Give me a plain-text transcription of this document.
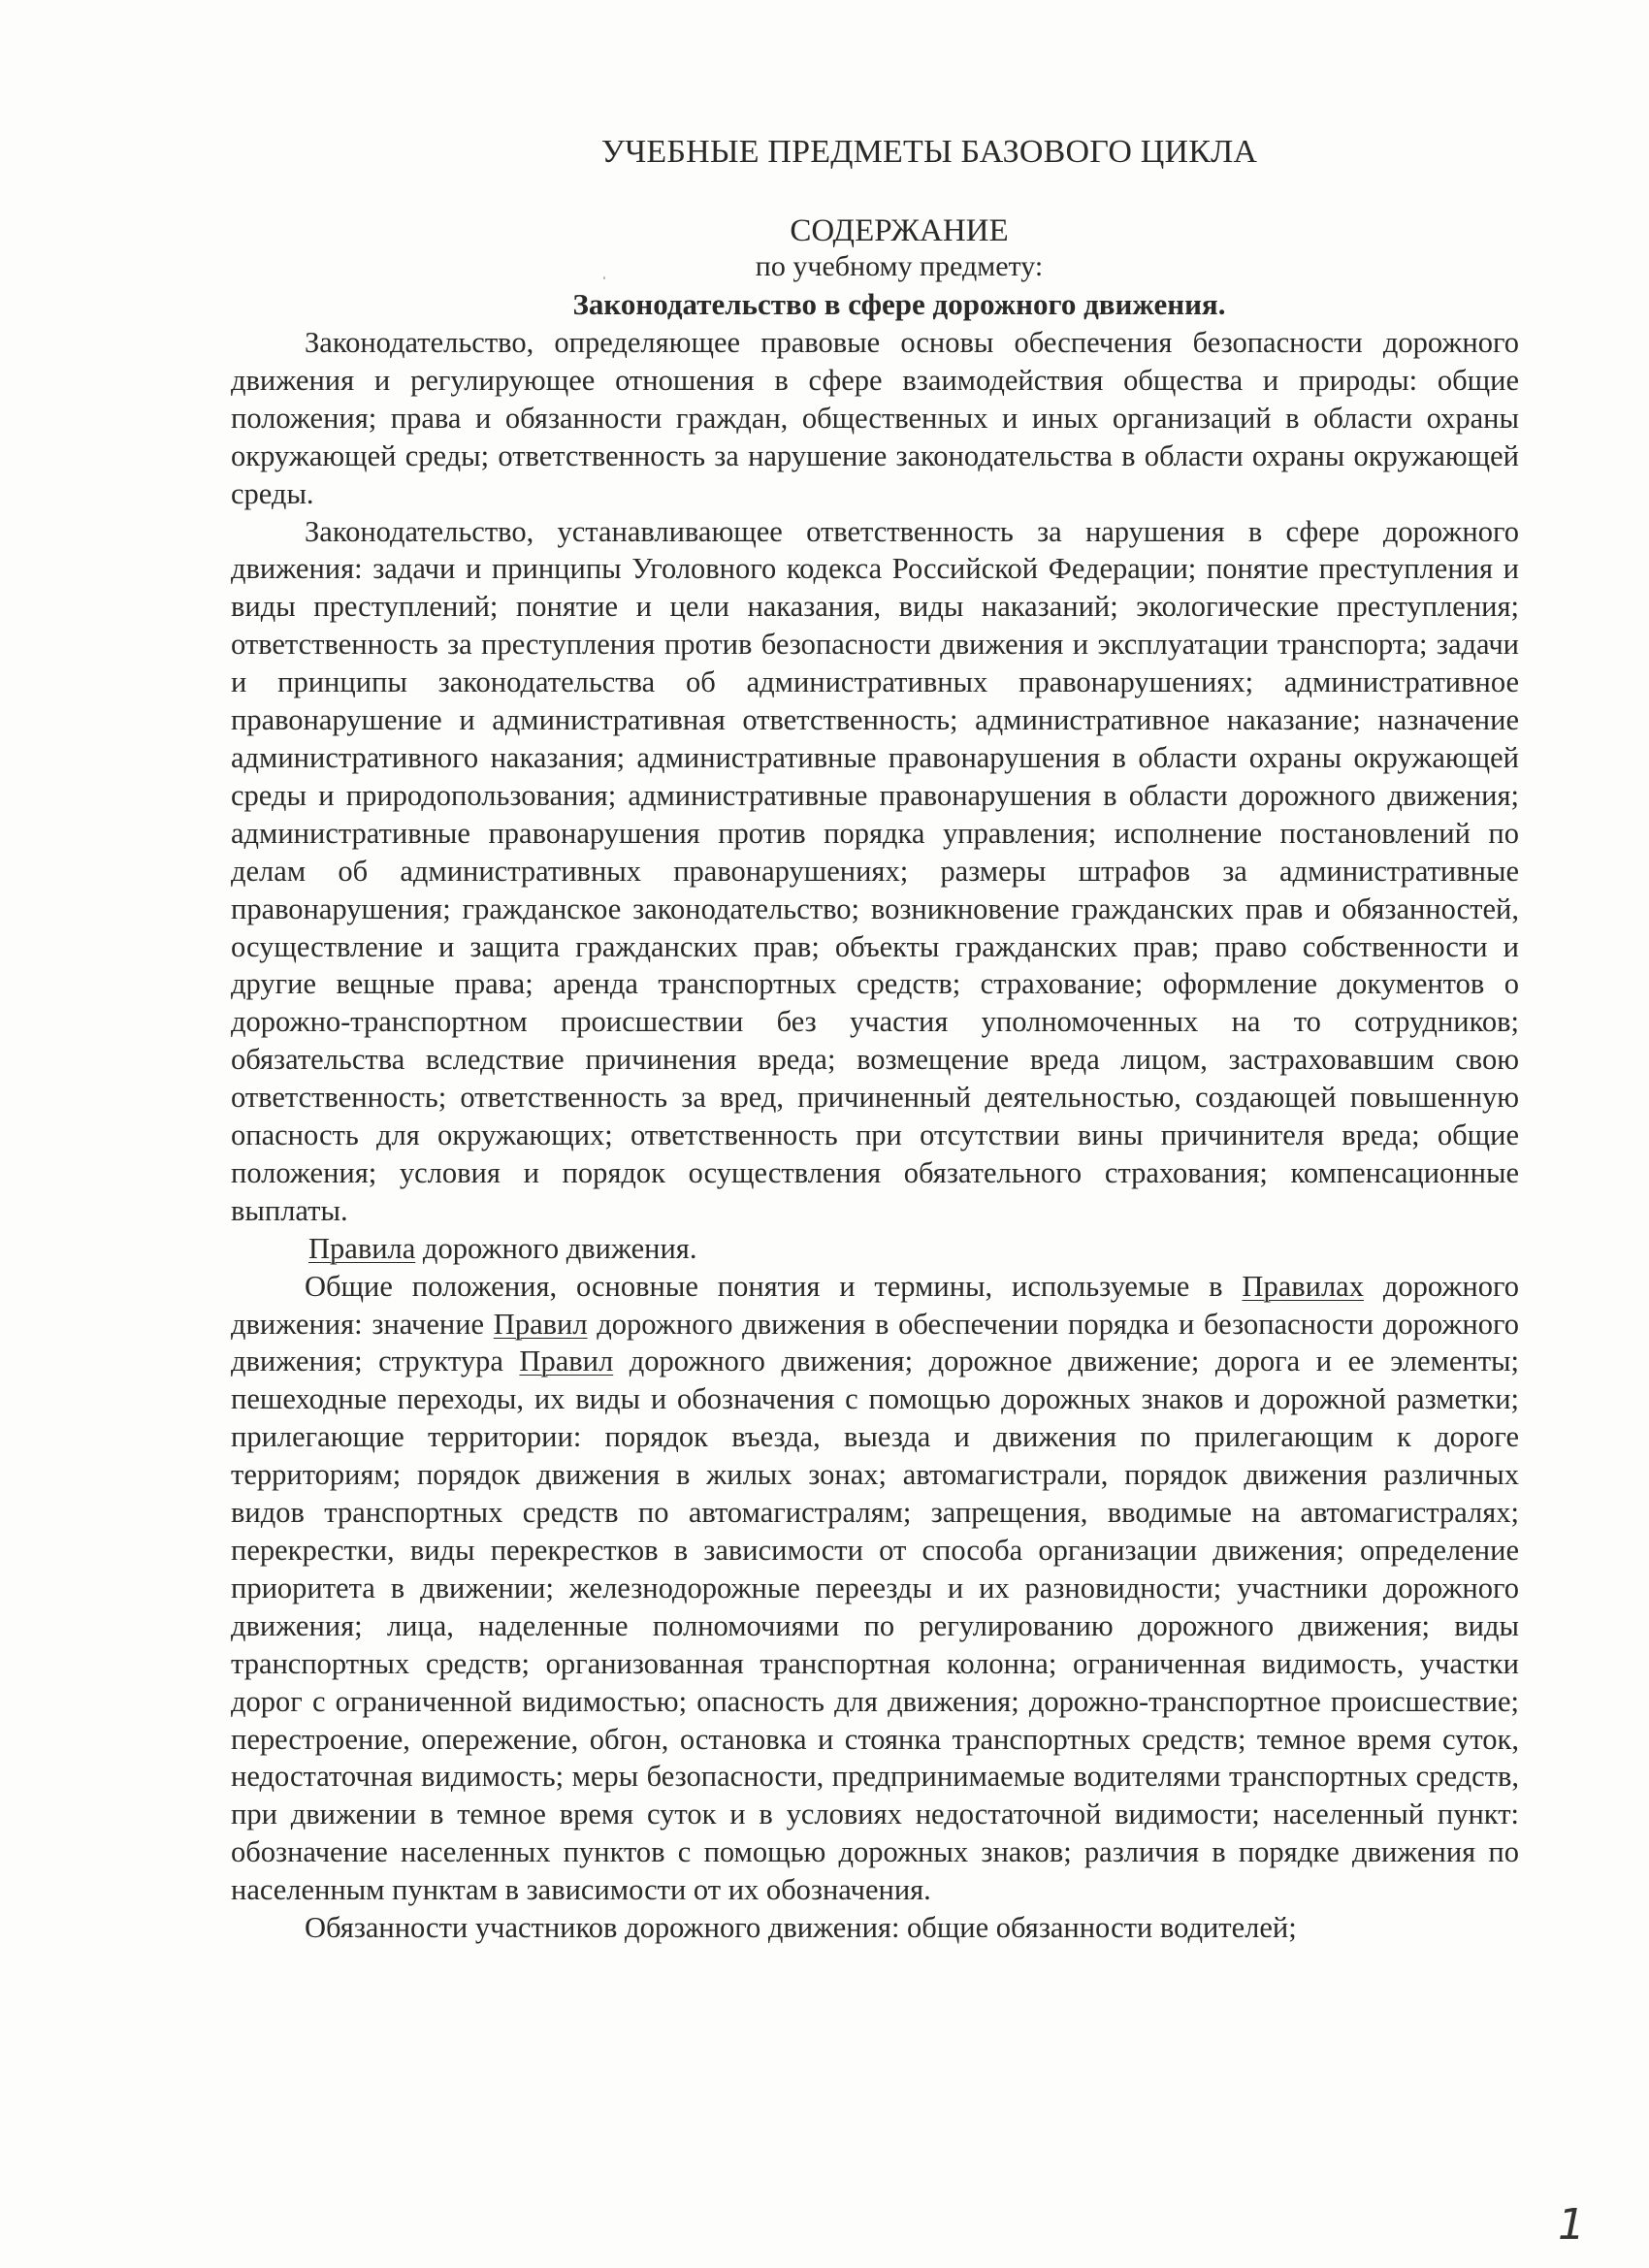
УЧЕБНЫЕ ПРЕДМЕТЫ БАЗОВОГО ЦИКЛА
СОДЕРЖАНИЕ
по учебному предмету:
Законодательство в сфере дорожного движения.

Законодательство, определяющее правовые основы обеспечения безопасности дорожного движения и регулирующее отношения в сфере взаимодействия общества и природы: общие положения; права и обязанности граждан, общественных и иных организаций в области охраны окружающей среды; ответственность за нарушение законодательства в области охраны окружающей среды.

Законодательство, устанавливающее ответственность за нарушения в сфере дорожного движения: задачи и принципы Уголовного кодекса Российской Федерации; понятие преступления и виды преступлений; понятие и цели наказания, виды наказаний; экологические преступления; ответственность за преступления против безопасности движения и эксплуатации транспорта; задачи и принципы законодательства об административных правонарушениях; административное правонарушение и административная ответственность; административное наказание; назначение административного наказания; административные правонарушения в области охраны окружающей среды и природопользования; административные правонарушения в области дорожного движения; административные правонарушения против порядка управления; исполнение постановлений по делам об административных правонарушениях; размеры штрафов за административные правонарушения; гражданское законодательство; возникновение гражданских прав и обязанностей, осуществление и защита гражданских прав; объекты гражданских прав; право собственности и другие вещные права; аренда транспортных средств; страхование; оформление документов о дорожно-транспортном происшествии без участия уполномоченных на то сотрудников; обязательства вследствие причинения вреда; возмещение вреда лицом, застраховавшим свою ответственность; ответственность за вред, причиненный деятельностью, создающей повышенную опасность для окружающих; ответственность при отсутствии вины причинителя вреда; общие положения; условия и порядок осуществления обязательного страхования; компенсационные выплаты.

Правила дорожного движения.

Общие положения, основные понятия и термины, используемые в Правилах дорожного движения: значение Правил дорожного движения в обеспечении порядка и безопасности дорожного движения; структура Правил дорожного движения; дорожное движение; дорога и ее элементы; пешеходные переходы, их виды и обозначения с помощью дорожных знаков и дорожной разметки; прилегающие территории: порядок въезда, выезда и движения по прилегающим к дороге территориям; порядок движения в жилых зонах; автомагистрали, порядок движения различных видов транспортных средств по автомагистралям; запрещения, вводимые на автомагистралях; перекрестки, виды перекрестков в зависимости от способа организации движения; определение приоритета в движении; железнодорожные переезды и их разновидности; участники дорожного движения; лица, наделенные полномочиями по регулированию дорожного движения; виды транспортных средств; организованная транспортная колонна; ограниченная видимость, участки дорог с ограниченной видимостью; опасность для движения; дорожно-транспортное происшествие; перестроение, опережение, обгон, остановка и стоянка транспортных средств; темное время суток, недостаточная видимость; меры безопасности, предпринимаемые водителями транспортных средств, при движении в темное время суток и в условиях недостаточной видимости; населенный пункт: обозначение населенных пунктов с помощью дорожных знаков; различия в порядке движения по населенным пунктам в зависимости от их обозначения.

Обязанности участников дорожного движения: общие обязанности водителей;

ˌ
1
